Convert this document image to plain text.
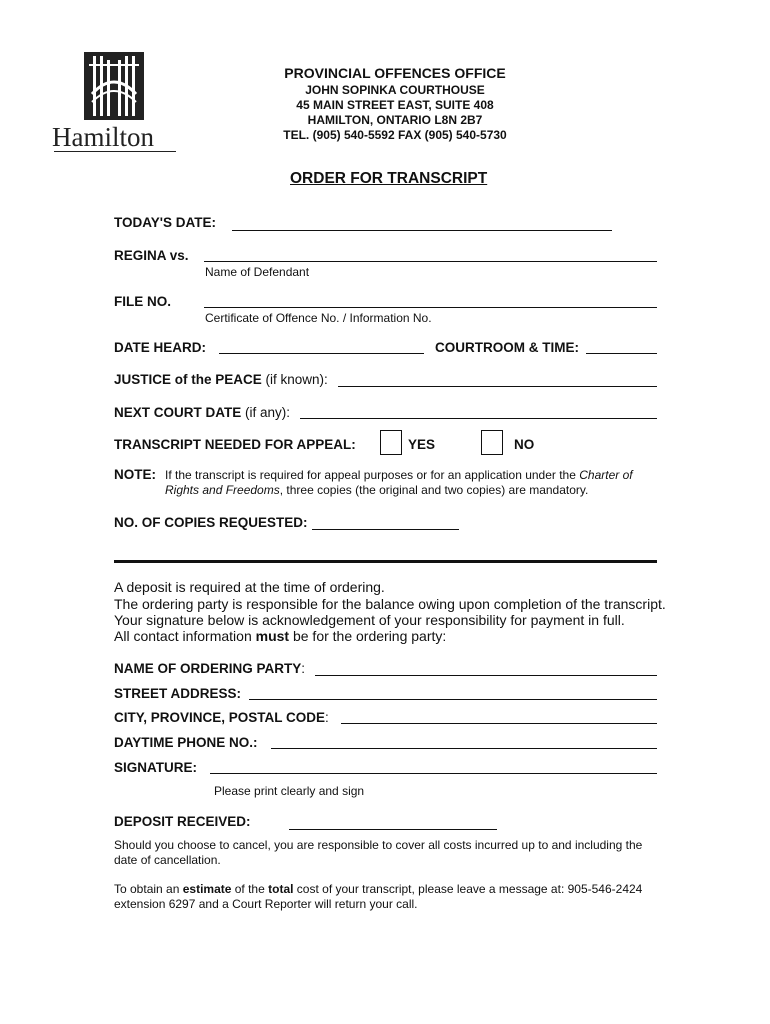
Hamilton
PROVINCIAL OFFENCES OFFICE
JOHN SOPINKA COURTHOUSE
45 MAIN STREET EAST, SUITE 408
HAMILTON, ONTARIO L8N 2B7
TEL. (905) 540-5592 FAX (905) 540-5730
ORDER FOR TRANSCRIPT
TODAY'S DATE:
REGINA vs.
Name of Defendant
FILE NO.
Certificate of Offence No. / Information No.
DATE HEARD:	COURTROOM & TIME:
JUSTICE of the PEACE (if known):
NEXT COURT DATE (if any):
TRANSCRIPT NEEDED FOR APPEAL:	YES	NO
NOTE: If the transcript is required for appeal purposes or for an application under the Charter of
Rights and Freedoms, three copies (the original and two copies) are mandatory.
NO. OF COPIES REQUESTED:
A deposit is required at the time of ordering.
The ordering party is responsible for the balance owing upon completion of the transcript.
Your signature below is acknowledgement of your responsibility for payment in full.
All contact information must be for the ordering party:
NAME OF ORDERING PARTY:
STREET ADDRESS:
CITY, PROVINCE, POSTAL CODE:
DAYTIME PHONE NO.:
SIGNATURE:
Please print clearly and sign
DEPOSIT RECEIVED:
Should you choose to cancel, you are responsible to cover all costs incurred up to and including the
date of cancellation.
To obtain an estimate of the total cost of your transcript, please leave a message at: 905-546-2424
extension 6297 and a Court Reporter will return your call.
